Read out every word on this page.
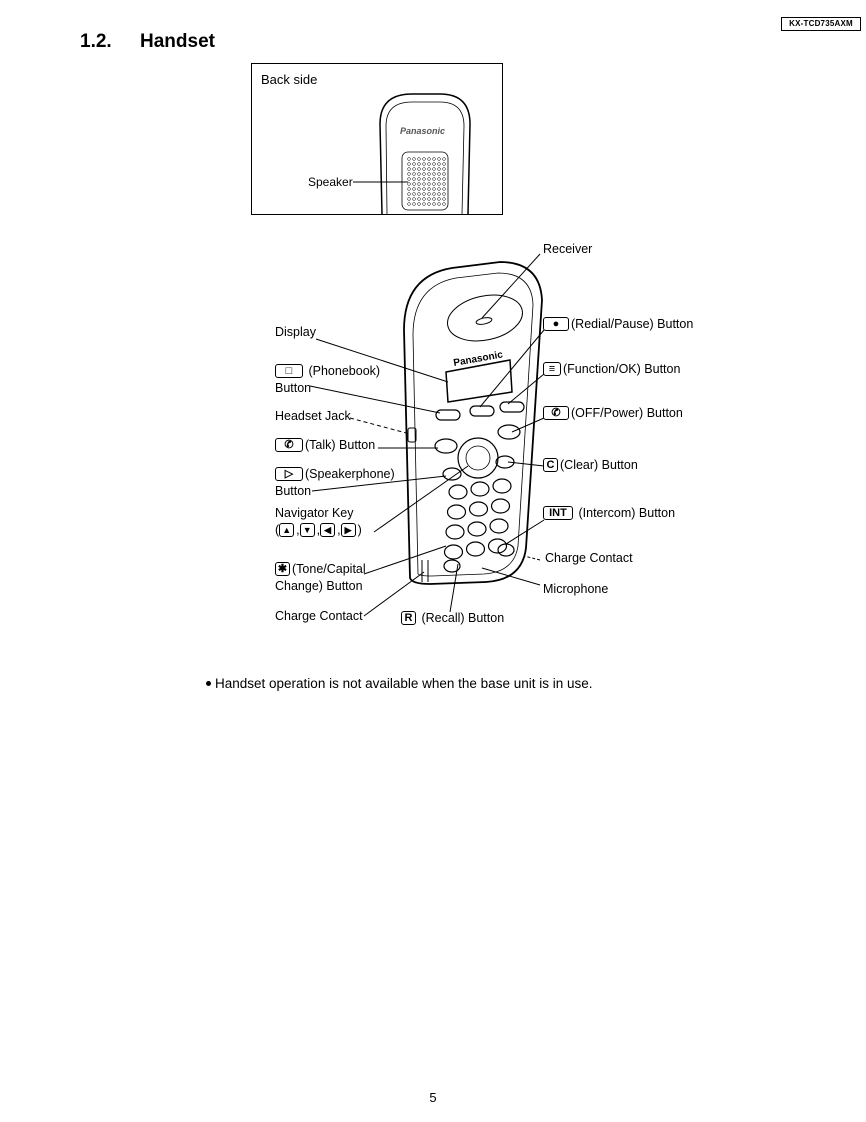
KX-TCD735AXM
1.2. Handset
Back side
Panasonic
Speaker
Panasonic
Display
□ (Phonebook)
Button
Headset Jack
✆ (Talk) Button
▷ (Speakerphone)
Button
Navigator Key
( ▲ , ▼ , ◀ , ▶ )
✱ (Tone/Capital
Change) Button
Charge Contact
Receiver
● (Redial/Pause) Button
≡ (Function/OK) Button
✆ (OFF/Power) Button
C (Clear) Button
INT (Intercom) Button
Charge Contact
Microphone
R (Recall) Button
Handset operation is not available when the base unit is in use.
5
